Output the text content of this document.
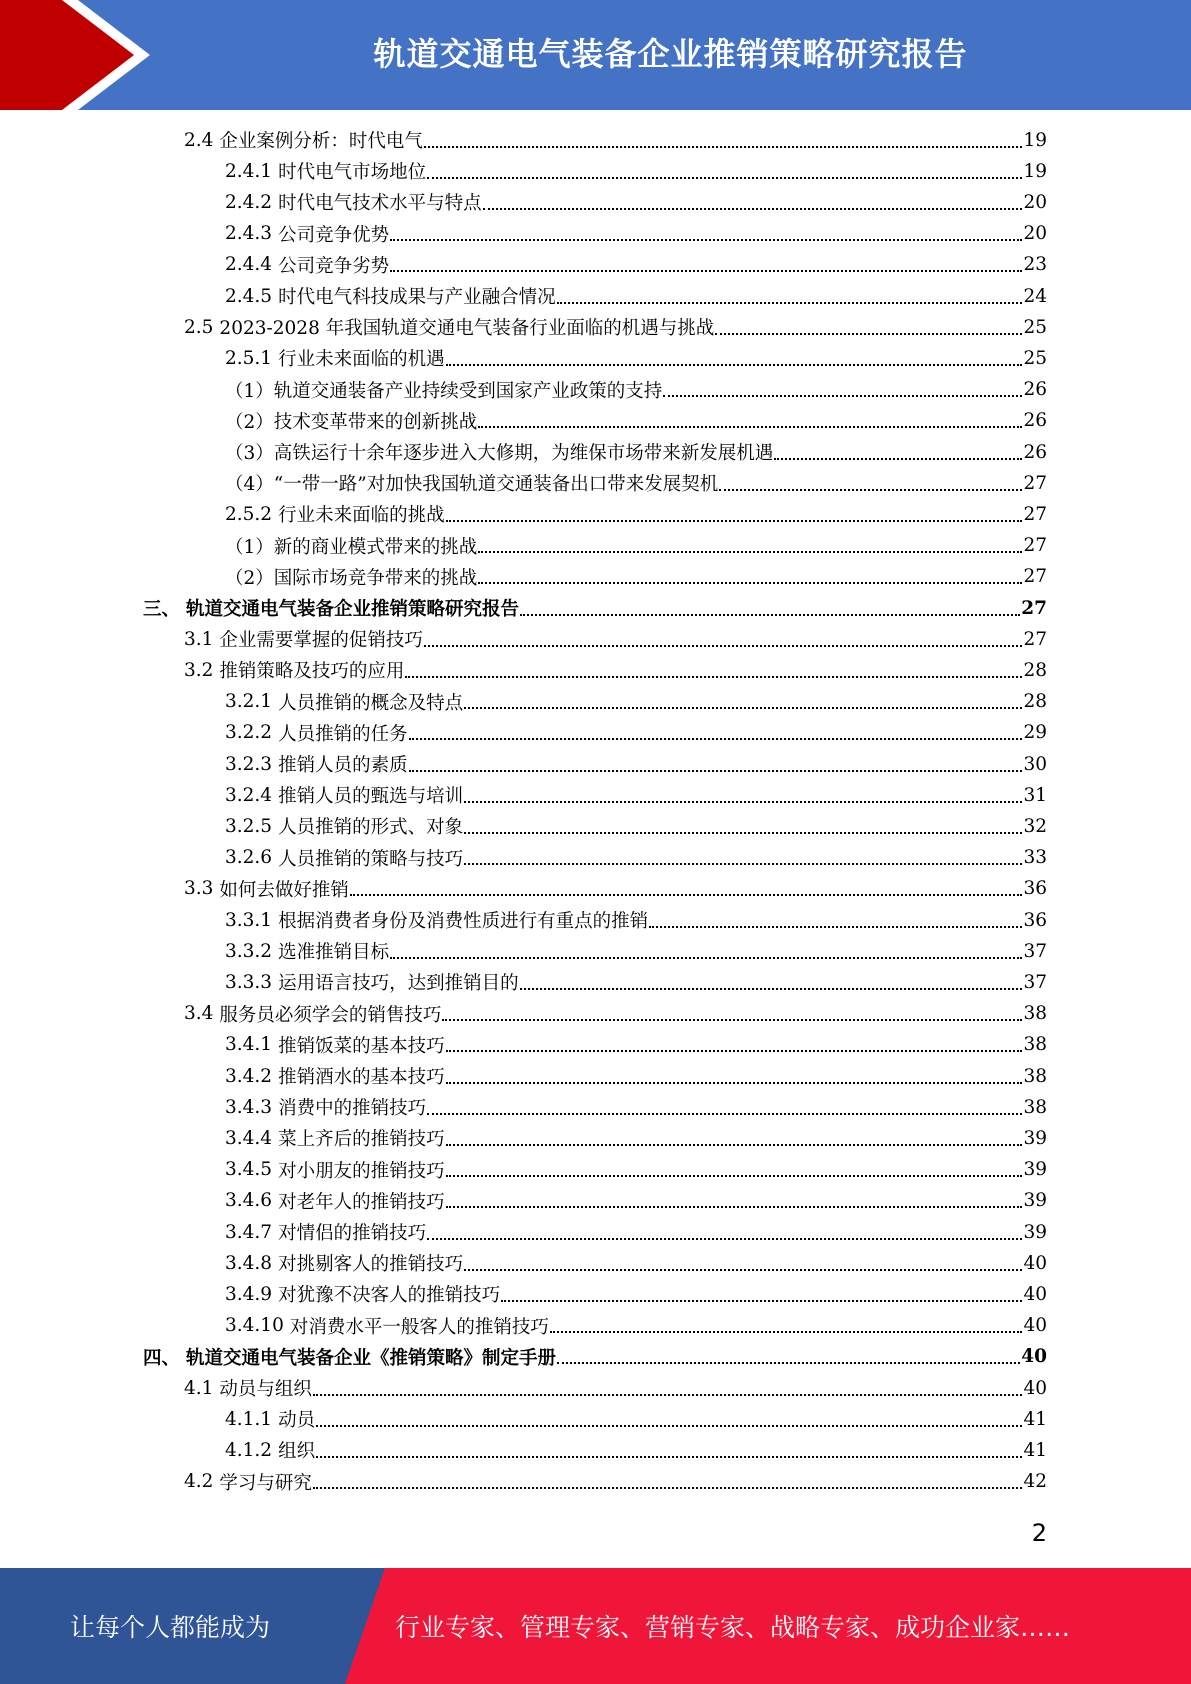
轨道交通电气装备企业推销策略研究报告
2.4 企业案例分析：时代电气	19
2.4.1 时代电气市场地位	19
2.4.2 时代电气技术水平与特点	20
2.4.3 公司竞争优势	20
2.4.4 公司竞争劣势	23
2.4.5 时代电气科技成果与产业融合情况	24
2.5 2023-2028 年我国轨道交通电气装备行业面临的机遇与挑战	25
2.5.1 行业未来面临的机遇	25
（1） 轨道交通装备产业持续受到国家产业政策的支持	26
（2） 技术变革带来的创新挑战	26
（3） 高铁运行十余年逐步进入大修期，为维保市场带来新发展机遇	26
（4） “一带一路”对加快我国轨道交通装备出口带来发展契机	27
2.5.2 行业未来面临的挑战	27
（1） 新的商业模式带来的挑战	27
（2） 国际市场竞争带来的挑战	27
三、 轨道交通电气装备企业推销策略研究报告	27
3.1 企业需要掌握的促销技巧	27
3.2 推销策略及技巧的应用	28
3.2.1 人员推销的概念及特点	28
3.2.2 人员推销的任务	29
3.2.3 推销人员的素质	30
3.2.4 推销人员的甄选与培训	31
3.2.5 人员推销的形式、对象	32
3.2.6 人员推销的策略与技巧	33
3.3 如何去做好推销	36
3.3.1 根据消费者身份及消费性质进行有重点的推销	36
3.3.2 选准推销目标	37
3.3.3 运用语言技巧，达到推销目的	37
3.4 服务员必须学会的销售技巧	38
3.4.1 推销饭菜的基本技巧	38
3.4.2 推销酒水的基本技巧	38
3.4.3 消费中的推销技巧	38
3.4.4 菜上齐后的推销技巧	39
3.4.5 对小朋友的推销技巧	39
3.4.6 对老年人的推销技巧	39
3.4.7 对情侣的推销技巧	39
3.4.8 对挑剔客人的推销技巧	40
3.4.9 对犹豫不决客人的推销技巧	40
3.4.10 对消费水平一般客人的推销技巧	40
四、 轨道交通电气装备企业《推销策略》制定手册	40
4.1 动员与组织	40
4.1.1 动员	41
4.1.2 组织	41
4.2 学习与研究	42
2
让每个人都能成为	行业专家、管理专家、营销专家、战略专家、成功企业家……
